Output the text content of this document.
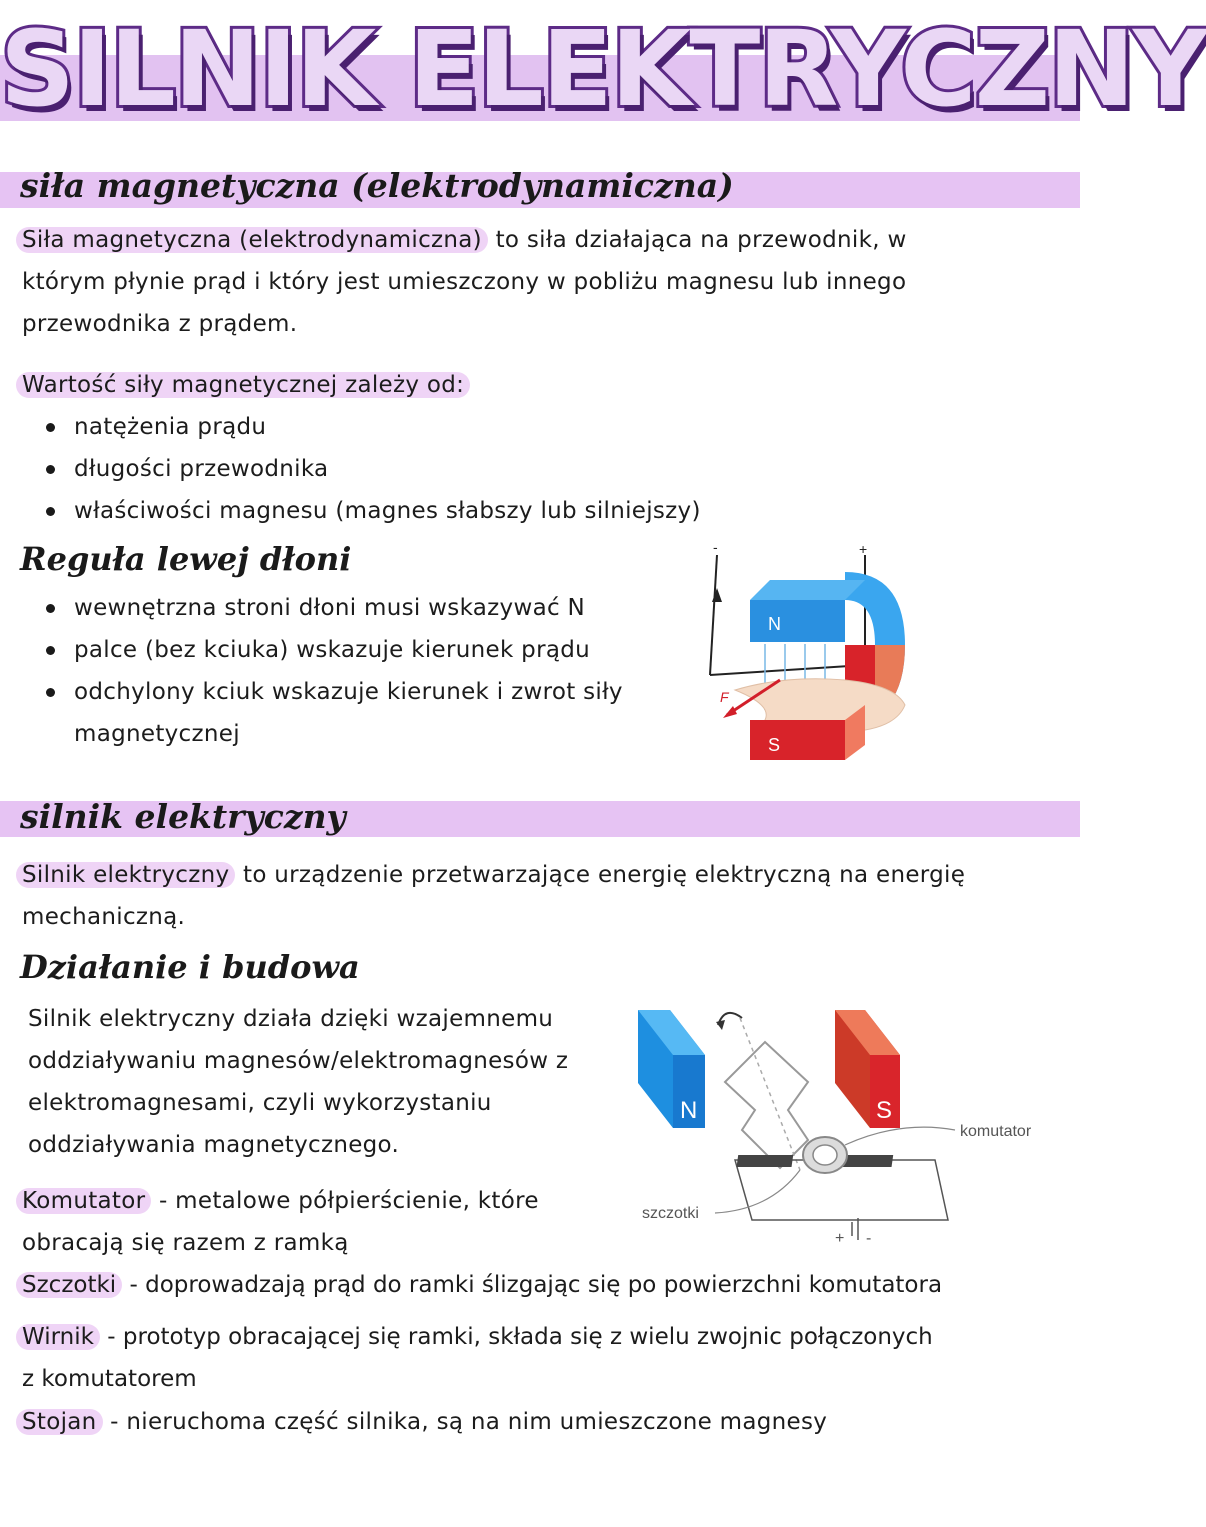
SILNIK ELEKTRYCZNY
siła magnetyczna (elektrodynamiczna)
Siła magnetyczna (elektrodynamiczna) to siła działająca na przewodnik, w
którym płynie prąd i który jest umieszczony w pobliżu magnesu lub innego
przewodnika z prądem.
Wartość siły magnetycznej zależy od:
natężenia prądu
długości przewodnika
właściwości magnesu (magnes słabszy lub silniejszy)
Reguła lewej dłoni
wewnętrzna stroni dłoni musi wskazywać N
palce (bez kciuka) wskazuje kierunek prądu
odchylony kciuk wskazuje kierunek i zwrot siły
magnetycznej
-	+
N
F
S
silnik elektryczny
Silnik elektryczny to urządzenie przetwarzające energię elektryczną na energię
mechaniczną.
Działanie i budowa
Silnik elektryczny działa dzięki wzajemnemu
oddziaływaniu magnesów/elektromagnesów z
elektromagnesami, czyli wykorzystaniu
oddziaływania magnetycznego.
Komutator - metalowe półpierścienie, które
obracają się razem z ramką
Szczotki - doprowadzają prąd do ramki ślizgając się po powierzchni komutatora
Wirnik - prototyp obracającej się ramki, składa się z wielu zwojnic połączonych
z komutatorem
Stojan - nieruchoma część silnika, są na nim umieszczone magnesy
N	S
+ -
komutator
szczotki
